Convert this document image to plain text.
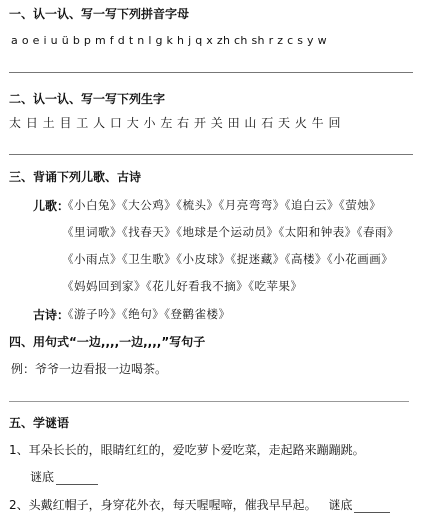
一、认一认、写一写下列拼音字母
a o e i u ü b p m f d t n l g k h j q x zh ch sh r z c s y w
二、认一认、写一写下列生字
太 日 土 目 工 人 口 大 小 左 右 开 关 田 山 石 天 火 牛 回
三、背诵下列儿歌、古诗
儿歌：
《小白兔》《大公鸡》《梳头》《月亮弯弯》《追白云》《萤烛》
《里词歌》《找春天》《地球是个运动员》《太阳和钟表》《春雨》
《小雨点》《卫生歌》《小皮球》《捉迷藏》《高楼》《小花画画》
《妈妈回到家》《花儿好看我不摘》《吃苹果》
古诗：
《游子吟》《绝句》《登鹳雀楼》
四、用句式“一边,,,,一边,,,,”写句子
例：爷爷一边看报一边喝茶。
五、学谜语
1、耳朵长长的，眼睛红红的，爱吃萝卜爱吃菜，走起路来蹦蹦跳。
谜底
2、头戴红帽子，身穿花外衣，每天喔喔啼，催我早早起。 谜底
